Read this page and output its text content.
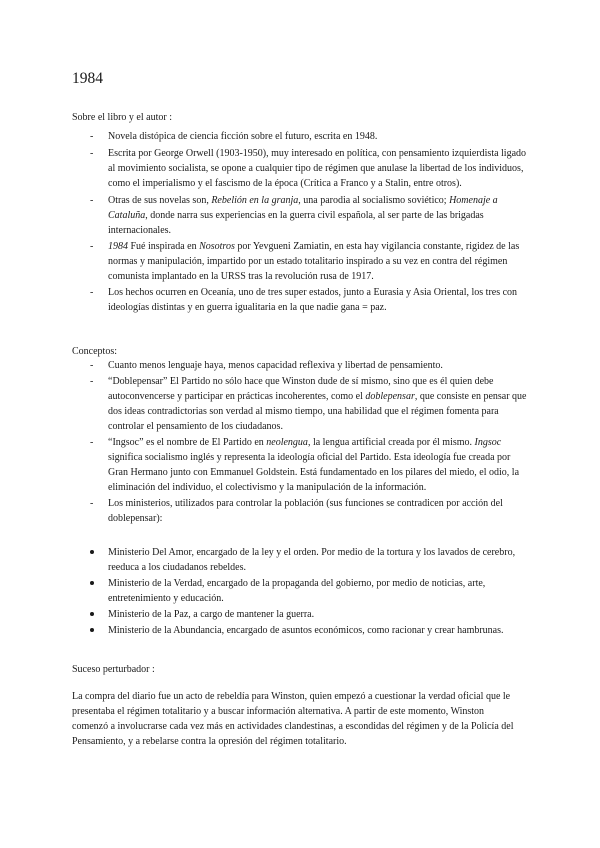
1984

Sobre el libro y el autor :

-	Novela distópica de ciencia ficción sobre el futuro, escrita en 1948.
-	Escrita por George Orwell (1903-1950), muy interesado en política, con pensamiento izquierdista ligado al movimiento socialista, se opone a cualquier tipo de régimen que anulase la libertad de los individuos, como el imperialismo y el fascismo de la época (Crítica a Franco y a Stalin, entre otros).
-	Otras de sus novelas son, Rebelión en la granja, una parodia al socialismo soviético; Homenaje a Cataluña, donde narra sus experiencias en la guerra civil española, al ser parte de las brigadas internacionales.
-	1984 Fué inspirada en Nosotros por Yevgueni Zamiatin, en esta hay vigilancia constante, rigidez de las normas y manipulación, impartido por un estado totalitario inspirado a su vez en contra del régimen comunista implantado en la URSS tras la revolución rusa de 1917.
-	Los hechos ocurren en Oceanía, uno de tres super estados, junto a Eurasia y Asia Oriental, los tres con ideologías distintas y en guerra igualitaria en la que nadie gana = paz.

Conceptos:

-	Cuanto menos lenguaje haya, menos capacidad reflexiva y libertad de pensamiento.
-	“Doblepensar” El Partido no sólo hace que Winston dude de sí mismo, sino que es él quien debe autoconvencerse y participar en prácticas incoherentes, como el doblepensar, que consiste en pensar que dos ideas contradictorias son verdad al mismo tiempo, una habilidad que el régimen fomenta para controlar el pensamiento de los ciudadanos.
-	“Ingsoc” es el nombre de El Partido en neolengua, la lengua artificial creada por él mismo. Ingsoc significa socialismo inglés y representa la ideología oficial del Partido. Esta ideología fue creada por Gran Hermano junto con Emmanuel Goldstein. Está fundamentado en los pilares del miedo, el odio, la eliminación del individuo, el colectivismo y la manipulación de la información.
-	Los ministerios, utilizados para controlar la población (sus funciones se contradicen por acción del doblepensar):
Ministerio Del Amor, encargado de la ley y el orden. Por medio de la tortura y los lavados de cerebro, reeduca a los ciudadanos rebeldes.
Ministerio de la Verdad, encargado de la propaganda del gobierno, por medio de noticias, arte, entretenimiento y educación.
Ministerio de la Paz, a cargo de mantener la guerra.
Ministerio de la Abundancia, encargado de asuntos económicos, como racionar y crear hambrunas.

Suceso perturbador :

La compra del diario fue un acto de rebeldía para Winston, quien empezó a cuestionar la verdad oficial que le presentaba el régimen totalitario y a buscar información alternativa. A partir de este momento, Winston comenzó a involucrarse cada vez más en actividades clandestinas, a escondidas del régimen y de la Policía del Pensamiento, y a rebelarse contra la opresión del régimen totalitario.
